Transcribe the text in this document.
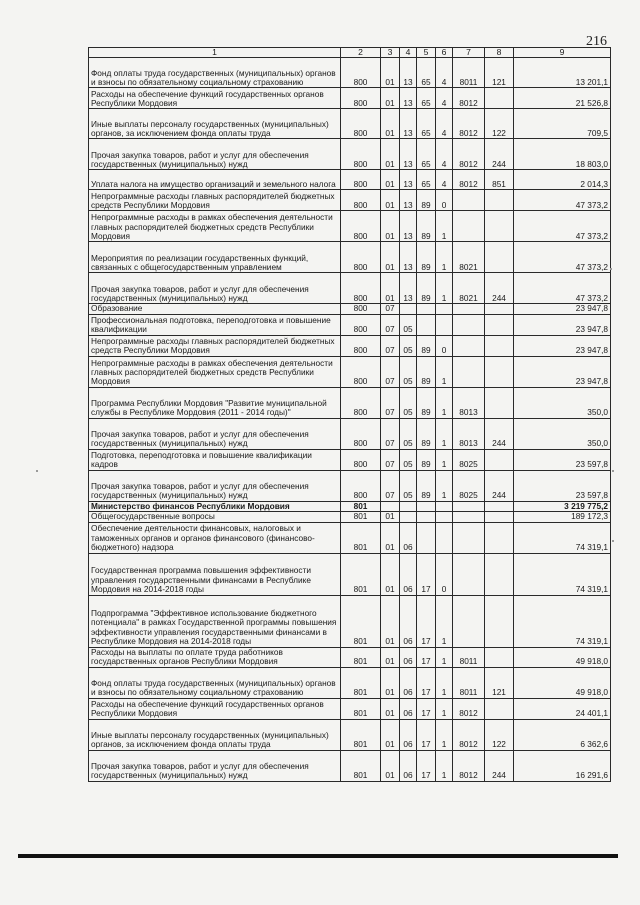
216
1	2	3	4	5	6	7	8	9
Фонд оплаты труда государственных (муниципальных) органов и взносы по обязательному социальному страхованию	800	01	13	65	4	8011	121	13 201,1
Расходы на обеспечение функций государственных органов Республики Мордовия	800	01	13	65	4	8012		21 526,8
Иные выплаты персоналу государственных (муниципальных) органов, за исключением фонда оплаты труда	800	01	13	65	4	8012	122	709,5
Прочая закупка товаров, работ и услуг для обеспечения государственных (муниципальных) нужд	800	01	13	65	4	8012	244	18 803,0
Уплата налога на имущество организаций и земельного налога	800	01	13	65	4	8012	851	2 014,3
Непрограммные расходы главных распорядителей бюджетных средств Республики Мордовия	800	01	13	89	0			47 373,2
Непрограммные расходы в рамках обеспечения деятельности главных распорядителей бюджетных средств Республики Мордовия	800	01	13	89	1			47 373,2
Мероприятия по реализации государственных функций, связанных с общегосударственным управлением	800	01	13	89	1	8021		47 373,2
Прочая закупка товаров, работ и услуг для обеспечения государственных (муниципальных) нужд	800	01	13	89	1	8021	244	47 373,2
Образование	800	07						23 947,8
Профессиональная подготовка, переподготовка и повышение квалификации	800	07	05					23 947,8
Непрограммные расходы главных распорядителей бюджетных средств Республики Мордовия	800	07	05	89	0			23 947,8
Непрограммные расходы в рамках обеспечения деятельности главных распорядителей бюджетных средств Республики Мордовия	800	07	05	89	1			23 947,8
Программа Республики Мордовия "Развитие муниципальной службы в Республике Мордовия (2011 - 2014 годы)"	800	07	05	89	1	8013		350,0
Прочая закупка товаров, работ и услуг для обеспечения государственных (муниципальных) нужд	800	07	05	89	1	8013	244	350,0
Подготовка, переподготовка и повышение квалификации кадров	800	07	05	89	1	8025		23 597,8
Прочая закупка товаров, работ и услуг для обеспечения государственных (муниципальных) нужд	800	07	05	89	1	8025	244	23 597,8
Министерство финансов Республики Мордовия	801							3 219 775,2
Общегосударственные вопросы	801	01						189 172,3
Обеспечение деятельности финансовых, налоговых и таможенных органов и органов финансового (финансово-бюджетного) надзора	801	01	06					74 319,1
Государственная программа повышения эффективности управления государственными финансами в Республике Мордовия на 2014-2018 годы	801	01	06	17	0			74 319,1
Подпрограмма "Эффективное использование бюджетного потенциала" в рамках Государственной программы повышения эффективности управления государственными финансами в Республике Мордовия на 2014-2018 годы	801	01	06	17	1			74 319,1
Расходы на выплаты по оплате труда работников государственных органов Республики Мордовия	801	01	06	17	1	8011		49 918,0
Фонд оплаты труда государственных (муниципальных) органов и взносы по обязательному социальному страхованию	801	01	06	17	1	8011	121	49 918,0
Расходы на обеспечение функций государственных органов Республики Мордовия	801	01	06	17	1	8012		24 401,1
Иные выплаты персоналу государственных (муниципальных) органов, за исключением фонда оплаты труда	801	01	06	17	1	8012	122	6 362,6
Прочая закупка товаров, работ и услуг для обеспечения государственных (муниципальных) нужд	801	01	06	17	1	8012	244	16 291,6
